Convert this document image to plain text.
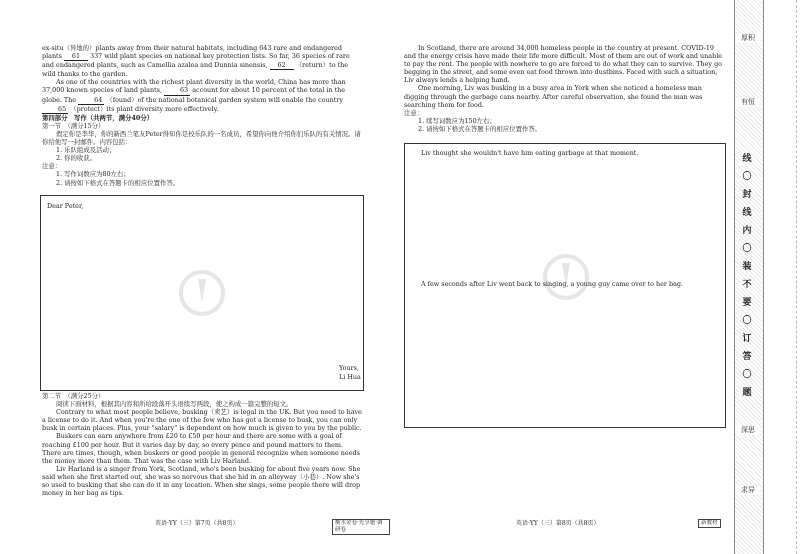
ex-situ（异地的）plants away from their natural habitats, including 643 rare and endangered plants 61 337 wild plant species on national key protection lists. So far, 36 species of rare and endangered plants, such as Camellia azalea and Dunnia sinensis, 62 （return）to the wild thanks to the garden.

As one of the countries with the richest plant diversity in the world, China has more than 37,000 known species of land plants,	63 account for about 10 percent of the total in the globe. The	64 （found）of the national botanical garden system will enable the country 65 （protect）its plant diversity more effectively.

第四部分　写作（共两节，满分40分）

第一节　（满分15分）

假定你是李华，你的新西兰笔友Peter得知你是校乐队的一名成员，希望你向他介绍你们乐队的有关情况。请你给他写一封邮件。内容包括：

1. 乐队组成及活动；

2. 你的收获。

注意：

1. 写作词数应为80左右；

2. 请按如下格式在答题卡的相应位置作答。

Dear Peter,
Yours,
Li Hua

第二节　（满分25分）

阅读下面材料，根据其内容和所给段落开头语续写两段，使之构成一篇完整的短文。

Contrary to what most people believe, busking（卖艺）is legal in the UK. But you need to have a license to do it. And when you're the one of the few who has got a license to busk, you can only busk in certain places. Plus, your "salary" is dependent on how much is given to you by the public.

Buskers can earn anywhere from £20 to £50 per hour and there are some with a goal of reaching £100 per hour. But it varies day by day, so every pence and pound matters to them. There are times, though, when buskers or good people in general recognize when someone needs the money more than them. That was the case with Liv Harland.

Liv Harland is a singer from York, Scotland, who's been busking for about five years now. She said when she first started out, she was so nervous that she hid in an alleyway（小巷）. Now she's so used to busking that she can do it in any location. When she sings, some people there will drop money in her bag as tips.

英语·YY（三）第7页（共8页）	衡水金卷·先享题·调研卷

In Scotland, there are around 34,000 homeless people in the country at present. COVID-19 and the energy crisis have made their life more difficult. Most of them are out of work and unable to pay the rent. The people with nowhere to go are forced to do what they can to survive. They go begging in the street, and some even eat food thrown into dustbins. Faced with such a situation, Liv always lends a helping hand.

One morning, Liv was busking in a busy area in York when she noticed a homeless man digging through the garbage cans nearby. After careful observation, she found the man was searching them for food.

注意：

1. 续写词数应为150左右；

2. 请按如下格式在答题卡的相应位置作答。

Liv thought she wouldn't have him eating garbage at that moment.
A few seconds after Liv went back to singing, a young guy came over to her bag.
英语·YY（三）第8页（共8页）	新教材
厚积
有恒
深思
求异
线
〇
封
线
内
〇
装
不
要
〇
订
答
〇
题
